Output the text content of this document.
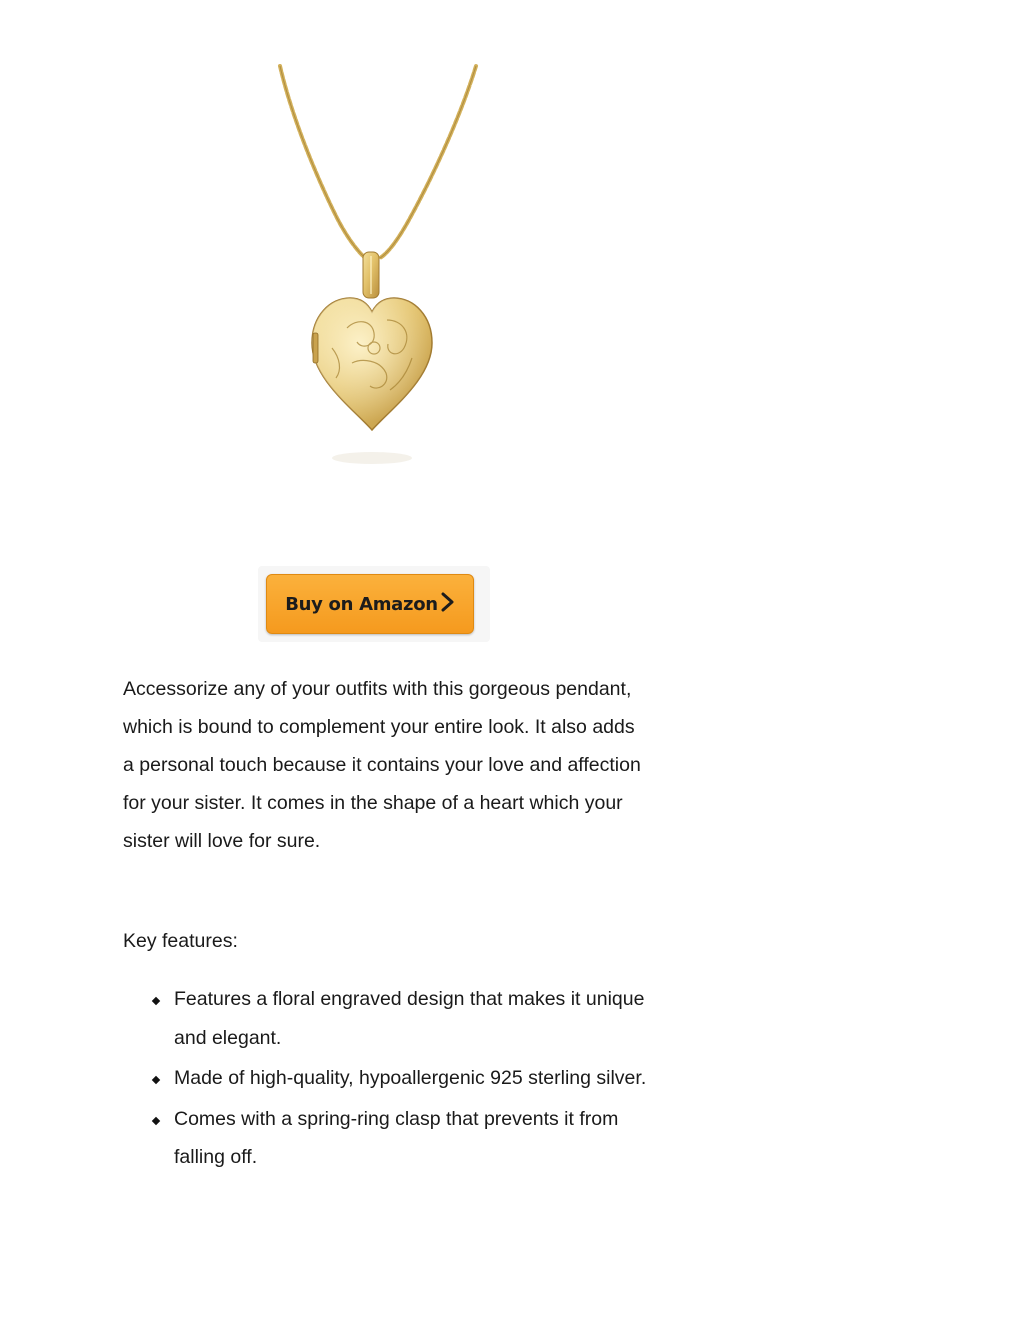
Buy on Amazon

Accessorize any of your outfits with this gorgeous pendant, which is bound to complement your entire look. It also adds a personal touch because it contains your love and affection for your sister. It comes in the shape of a heart which your sister will love for sure.

Key features:

Features a floral engraved design that makes it unique and elegant.
Made of high-quality, hypoallergenic 925 sterling silver.
Comes with a spring-ring clasp that prevents it from falling off.
